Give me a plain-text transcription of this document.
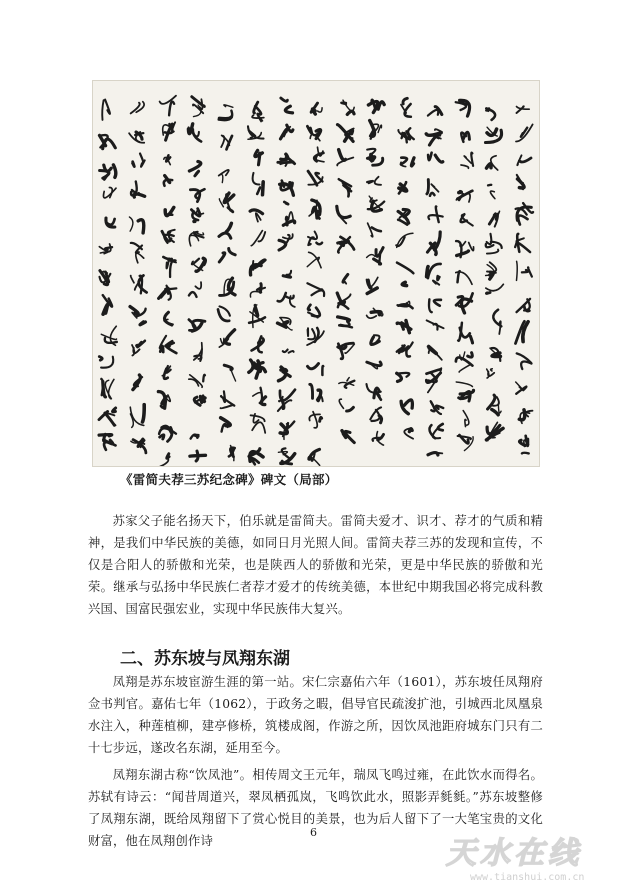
《雷简夫荐三苏纪念碑》碑文（局部）

苏家父子能名扬天下，伯乐就是雷简夫。雷简夫爱才、识才、荐才的气质和精神，是我们中华民族的美德，如同日月光照人间。雷简夫荐三苏的发现和宣传，不仅是合阳人的骄傲和光荣，也是陕西人的骄傲和光荣，更是中华民族的骄傲和光荣。继承与弘扬中华民族仁者荐才爱才的传统美德，本世纪中期我国必将完成科教兴国、国富民强宏业，实现中华民族伟大复兴。

二、苏东坡与凤翔东湖

凤翔是苏东坡宦游生涯的第一站。宋仁宗嘉佑六年（1601），苏东坡任凤翔府佥书判官。嘉佑七年（1062），于政务之暇，倡导官民疏浚扩池，引城西北凤凰泉水注入，种莲植柳，建亭修桥，筑楼成阁，作游之所，因饮凤池距府城东门只有二十七步远，遂改名东湖，延用至今。

凤翔东湖古称“饮凤池”。相传周文王元年，瑞凤飞鸣过雍，在此饮水而得名。苏轼有诗云：“闻昔周道兴，翠凤栖孤岚，飞鸣饮此水，照影弄毵毵。”苏东坡整修了凤翔东湖，既给凤翔留下了赏心悦目的美景，也为后人留下了一大笔宝贵的文化财富，他在凤翔创作诗

6
天水在线
www.tianshui.com.cn
